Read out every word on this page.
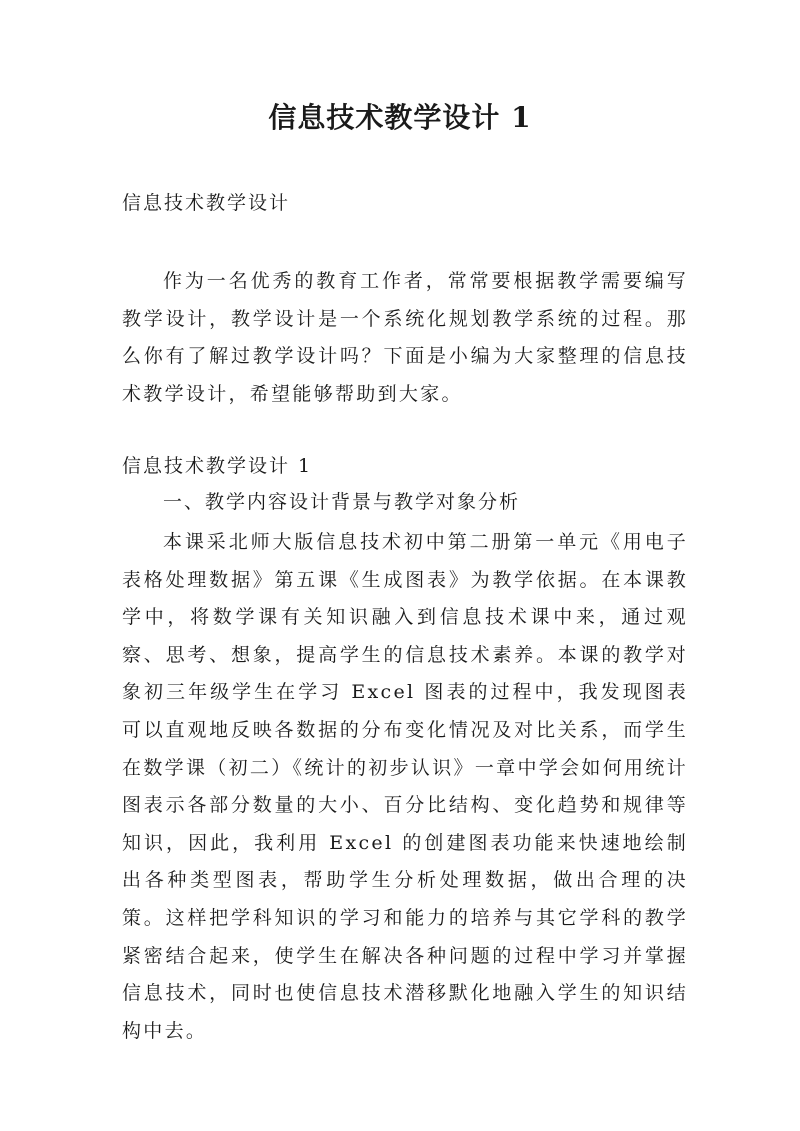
信息技术教学设计 1
信息技术教学设计
作为一名优秀的教育工作者，常常要根据教学需要编写教学设计，教学设计是一个系统化规划教学系统的过程。那么你有了解过教学设计吗？下面是小编为大家整理的信息技术教学设计，希望能够帮助到大家。
信息技术教学设计 1
一、教学内容设计背景与教学对象分析
本课采北师大版信息技术初中第二册第一单元《用电子表格处理数据》第五课《生成图表》为教学依据。在本课教学中，将数学课有关知识融入到信息技术课中来，通过观察、思考、想象，提高学生的信息技术素养。本课的教学对象初三年级学生在学习 Excel 图表的过程中，我发现图表可以直观地反映各数据的分布变化情况及对比关系，而学生在数学课（初二）《统计的初步认识》一章中学会如何用统计图表示各部分数量的大小、百分比结构、变化趋势和规律等知识，因此，我利用 Excel 的创建图表功能来快速地绘制出各种类型图表，帮助学生分析处理数据，做出合理的决策。这样把学科知识的学习和能力的培养与其它学科的教学紧密结合起来，使学生在解决各种问题的过程中学习并掌握信息技术，同时也使信息技术潜移默化地融入学生的知识结构中去。
